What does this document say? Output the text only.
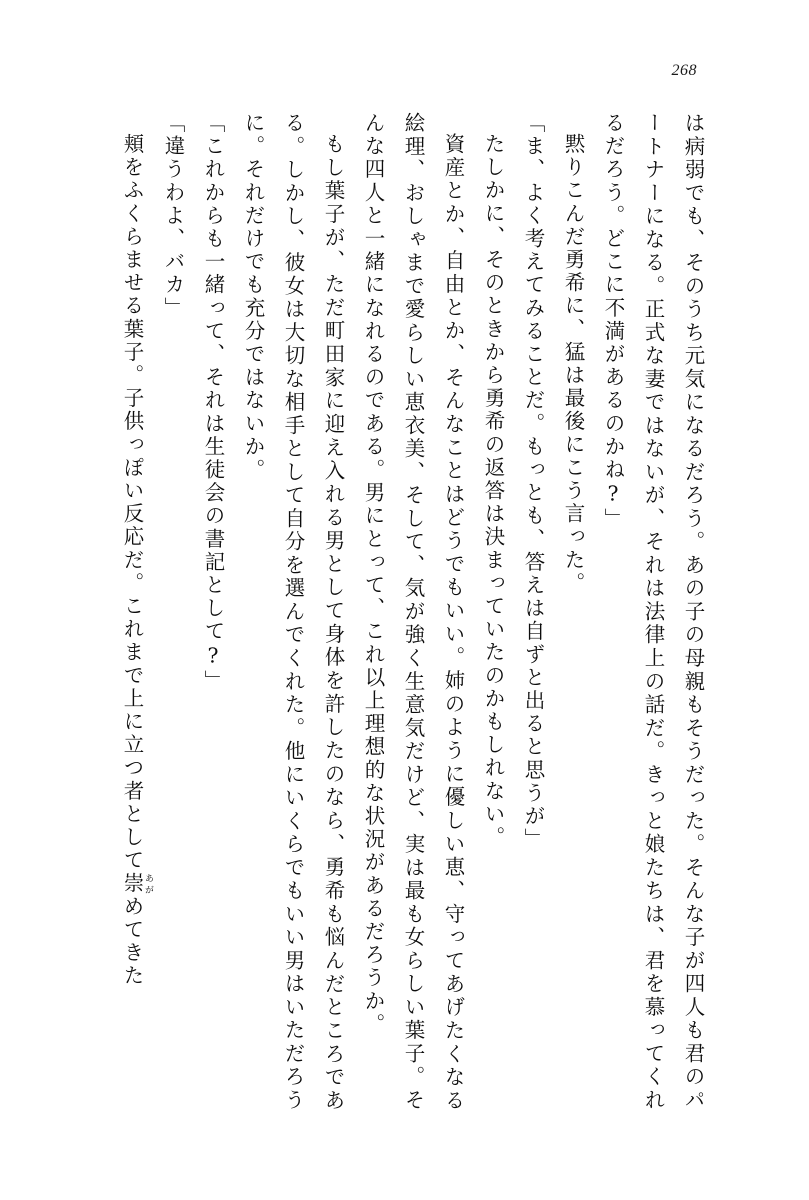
268

は病弱でも、そのうち元気になるだろう。あの子の母親もそうだった。そんな子が四人も君のパートナーになる。正式な妻ではないが、それは法律上の話だ。きっと娘たちは、君を慕ってくれるだろう。どこに不満があるのかね?」

黙りこんだ勇希に、猛は最後にこう言った。

「ま、よく考えてみることだ。もっとも、答えは自ずと出ると思うが」

たしかに、そのときから勇希の返答は決まっていたのかもしれない。

資産とか、自由とか、そんなことはどうでもいい。姉のように優しい恵、守ってあげたくなる絵理、おしゃまで愛らしい恵衣美、そして、気が強く生意気だけど、実は最も女らしい葉子。そんな四人と一緒になれるのである。男にとって、これ以上理想的な状況があるだろうか。

もし葉子が、ただ町田家に迎え入れる男として身体を許したのなら、勇希も悩んだところである。しかし、彼女は大切な相手として自分を選んでくれた。他にいくらでもいい男はいただろうに。それだけでも充分ではないか。

「これからも一緒って、それは生徒会の書記として?」

「違うわよ、バカ」

頬をふくらませる葉子。子供っぽい反応だ。これまで上に立つ者として崇 あがめてきた
